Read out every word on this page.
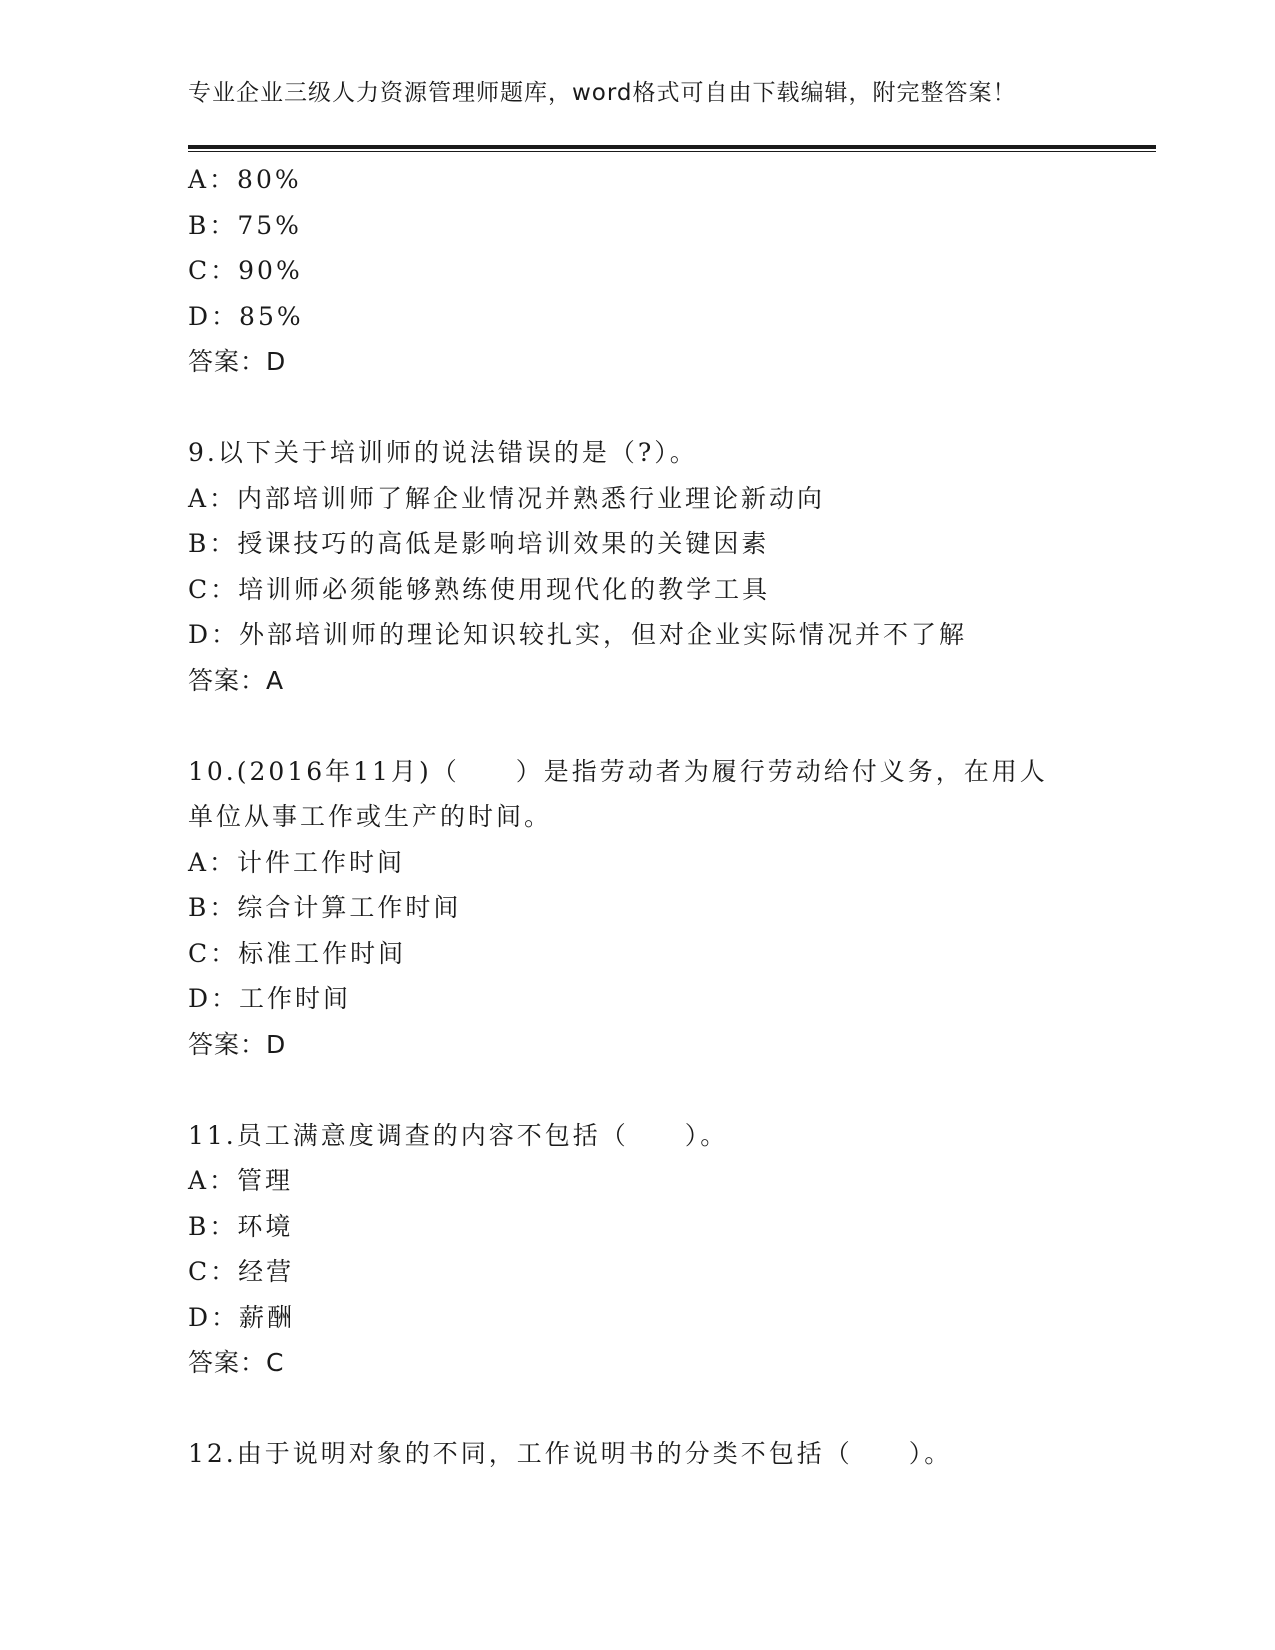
专业企业三级人力资源管理师题库，word格式可自由下载编辑，附完整答案！
A：80%
B：75%
C：90%
D：85%
答案：D
9.以下关于培训师的说法错误的是（?）。
A：内部培训师了解企业情况并熟悉行业理论新动向
B：授课技巧的高低是影响培训效果的关键因素
C：培训师必须能够熟练使用现代化的教学工具
D：外部培训师的理论知识较扎实，但对企业实际情况并不了解
答案：A
10.(2016年11月)（　　）是指劳动者为履行劳动给付义务，在用人
单位从事工作或生产的时间。
A：计件工作时间
B：综合计算工作时间
C：标准工作时间
D：工作时间
答案：D
11.员工满意度调查的内容不包括（　　）。
A：管理
B：环境
C：经营
D：薪酬
答案：C
12.由于说明对象的不同，工作说明书的分类不包括（　　）。
